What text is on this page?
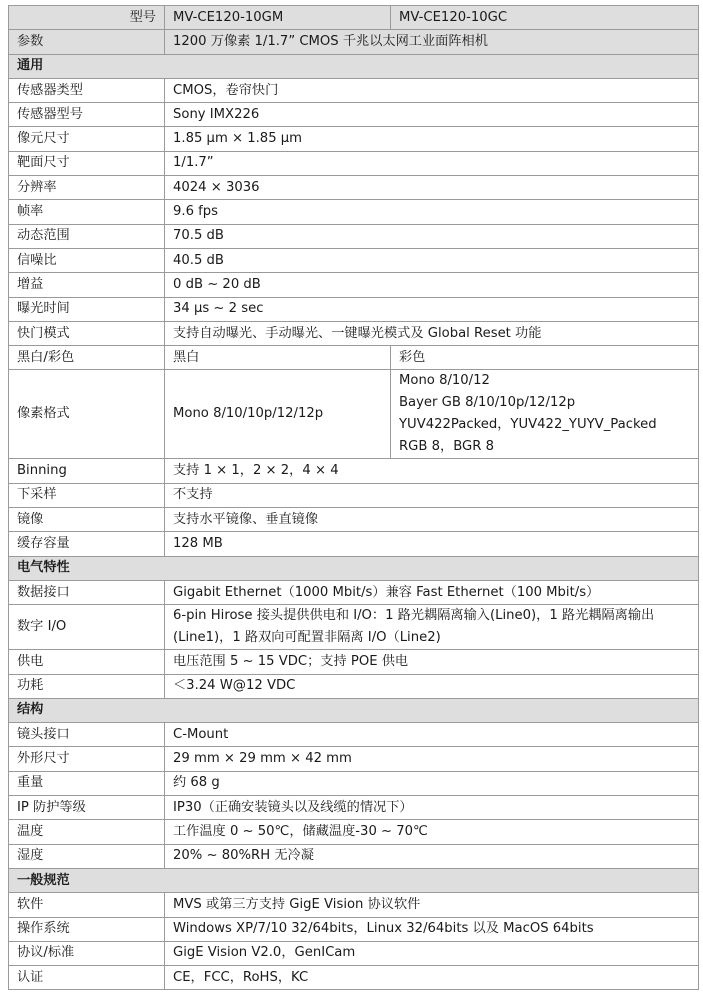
型号	MV-CE120-10GM	MV-CE120-10GC
参数	1200 万像素 1/1.7” CMOS 千兆以太网工业面阵相机	
通用		
传感器类型	CMOS，卷帘快门	
传感器型号	Sony IMX226	
像元尺寸	1.85 µm × 1.85 µm	
靶面尺寸	1/1.7”	
分辨率	4024 × 3036	
帧率	9.6 fps	
动态范围	70.5 dB	
信噪比	40.5 dB	
增益	0 dB ~ 20 dB	
曝光时间	34 µs ~ 2 sec	
快门模式	支持自动曝光、手动曝光、一键曝光模式及 Global Reset 功能	
黑白/彩色	黑白	彩色
像素格式	Mono 8/10/10p/12/12p	Mono 8/10/12
Bayer GB 8/10/10p/12/12p
YUV422Packed，YUV422_YUYV_Packed
RGB 8，BGR 8

Binning	支持 1 × 1，2 × 2，4 × 4	
下采样	不支持	
镜像	支持水平镜像、垂直镜像	
缓存容量	128 MB	
电气特性		
数据接口	Gigabit Ethernet（1000 Mbit/s）兼容 Fast Ethernet（100 Mbit/s）	
数字 I/O	6-pin Hirose 接头提供供电和 I/O：1 路光耦隔离输入(Line0)，1 路光耦隔离输出
(Line1)，1 路双向可配置非隔离 I/O（Line2)	

供电	电压范围 5 ~ 15 VDC；支持 POE 供电	
功耗	＜3.24 W@12 VDC	
结构		
镜头接口	C-Mount	
外形尺寸	29 mm × 29 mm × 42 mm	
重量	约 68 g	
IP 防护等级	IP30（正确安装镜头以及线缆的情况下）	
温度	工作温度 0 ~ 50℃，储藏温度-30 ~ 70℃	
湿度	20% ~ 80%RH 无冷凝	
一般规范		
软件	MVS 或第三方支持 GigE Vision 协议软件	
操作系统	Windows XP/7/10 32/64bits，Linux 32/64bits 以及 MacOS 64bits	
协议/标准	GigE Vision V2.0，GenICam	
认证	CE，FCC，RoHS，KC	
